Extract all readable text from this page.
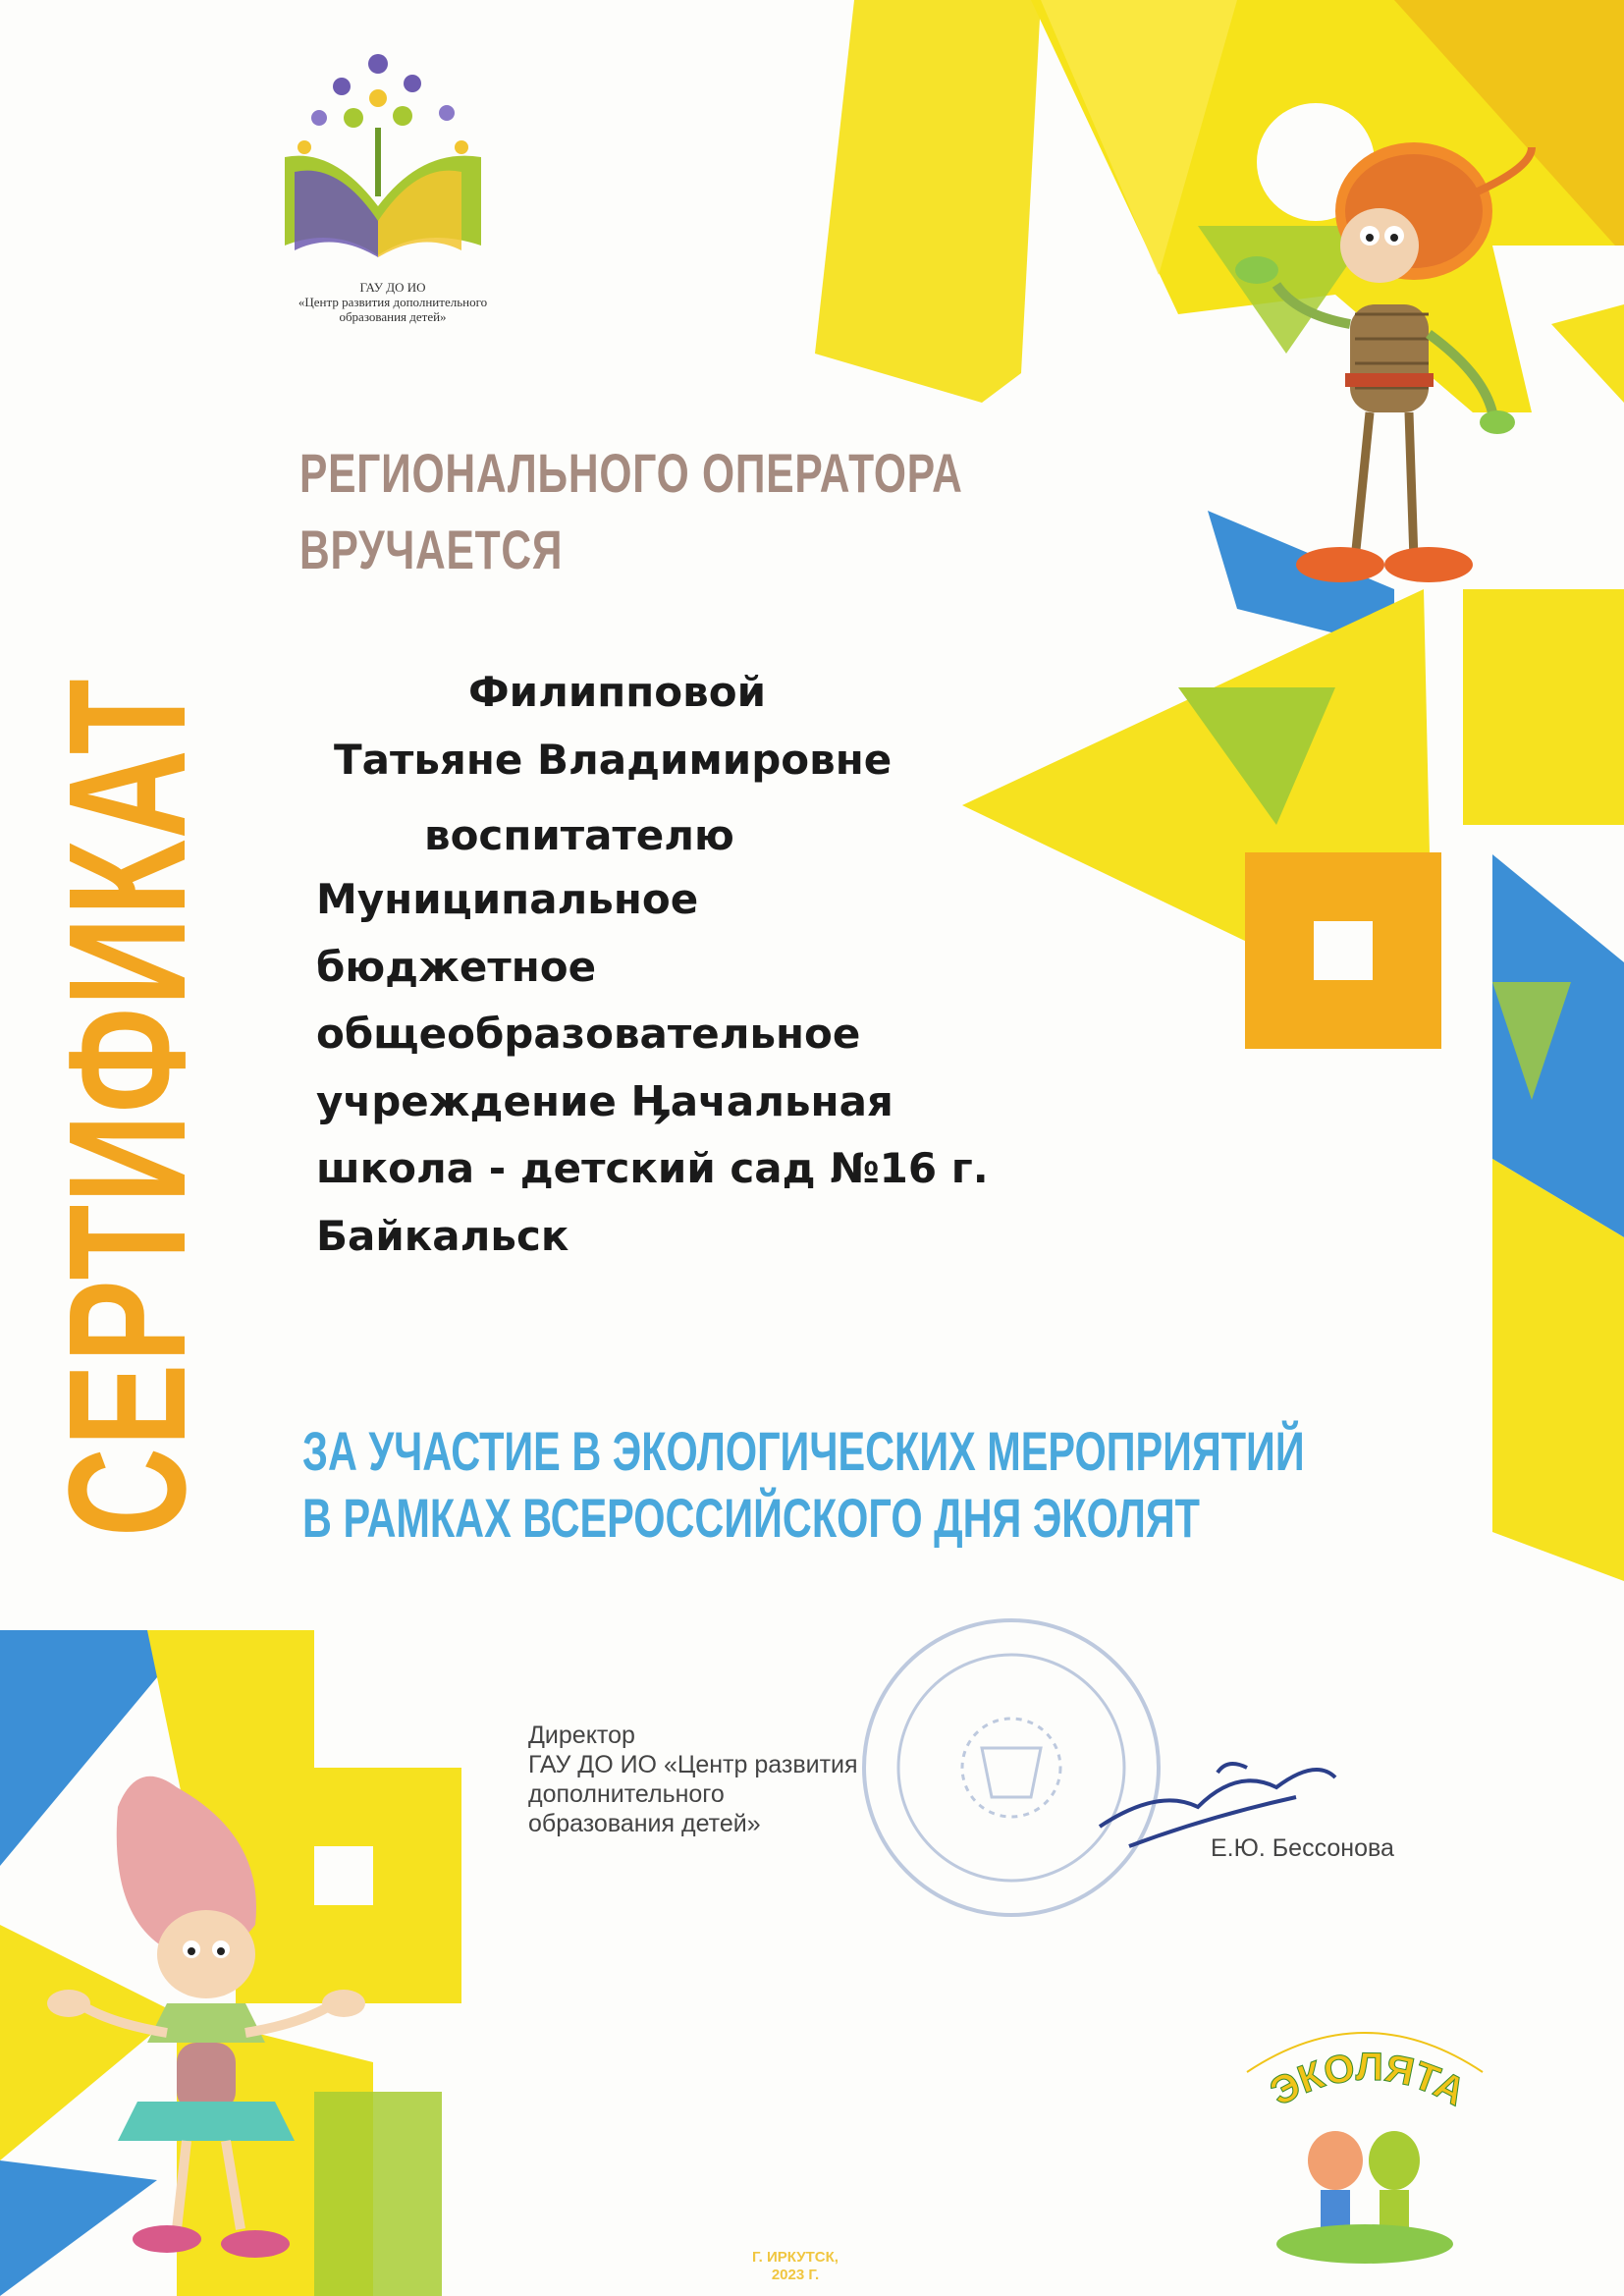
ГАУ ДО ИО
«Центр развития дополнительного
образования детей»
СЕРТИФИКАТ
РЕГИОНАЛЬНОГО ОПЕРАТОРА
ВРУЧАЕТСЯ
Филипповой
Татьяне Владимировне
воспитателю
Муниципальное
бюджетное
общеобразовательное
учреждение Ӊачальная
школа - детский сад №16 г.
Байкальск
ЗА УЧАСТИЕ В ЭКОЛОГИЧЕСКИХ МЕРОПРИЯТИЙ
В РАМКАХ ВСЕРОССИЙСКОГО ДНЯ ЭКОЛЯТ
Директор
ГАУ ДО ИО «Центр развития
дополнительного
образования детей»
Е.Ю. Бессонова
Г. ИРКУТСК,
2023 Г.
ЭКОЛЯТА
